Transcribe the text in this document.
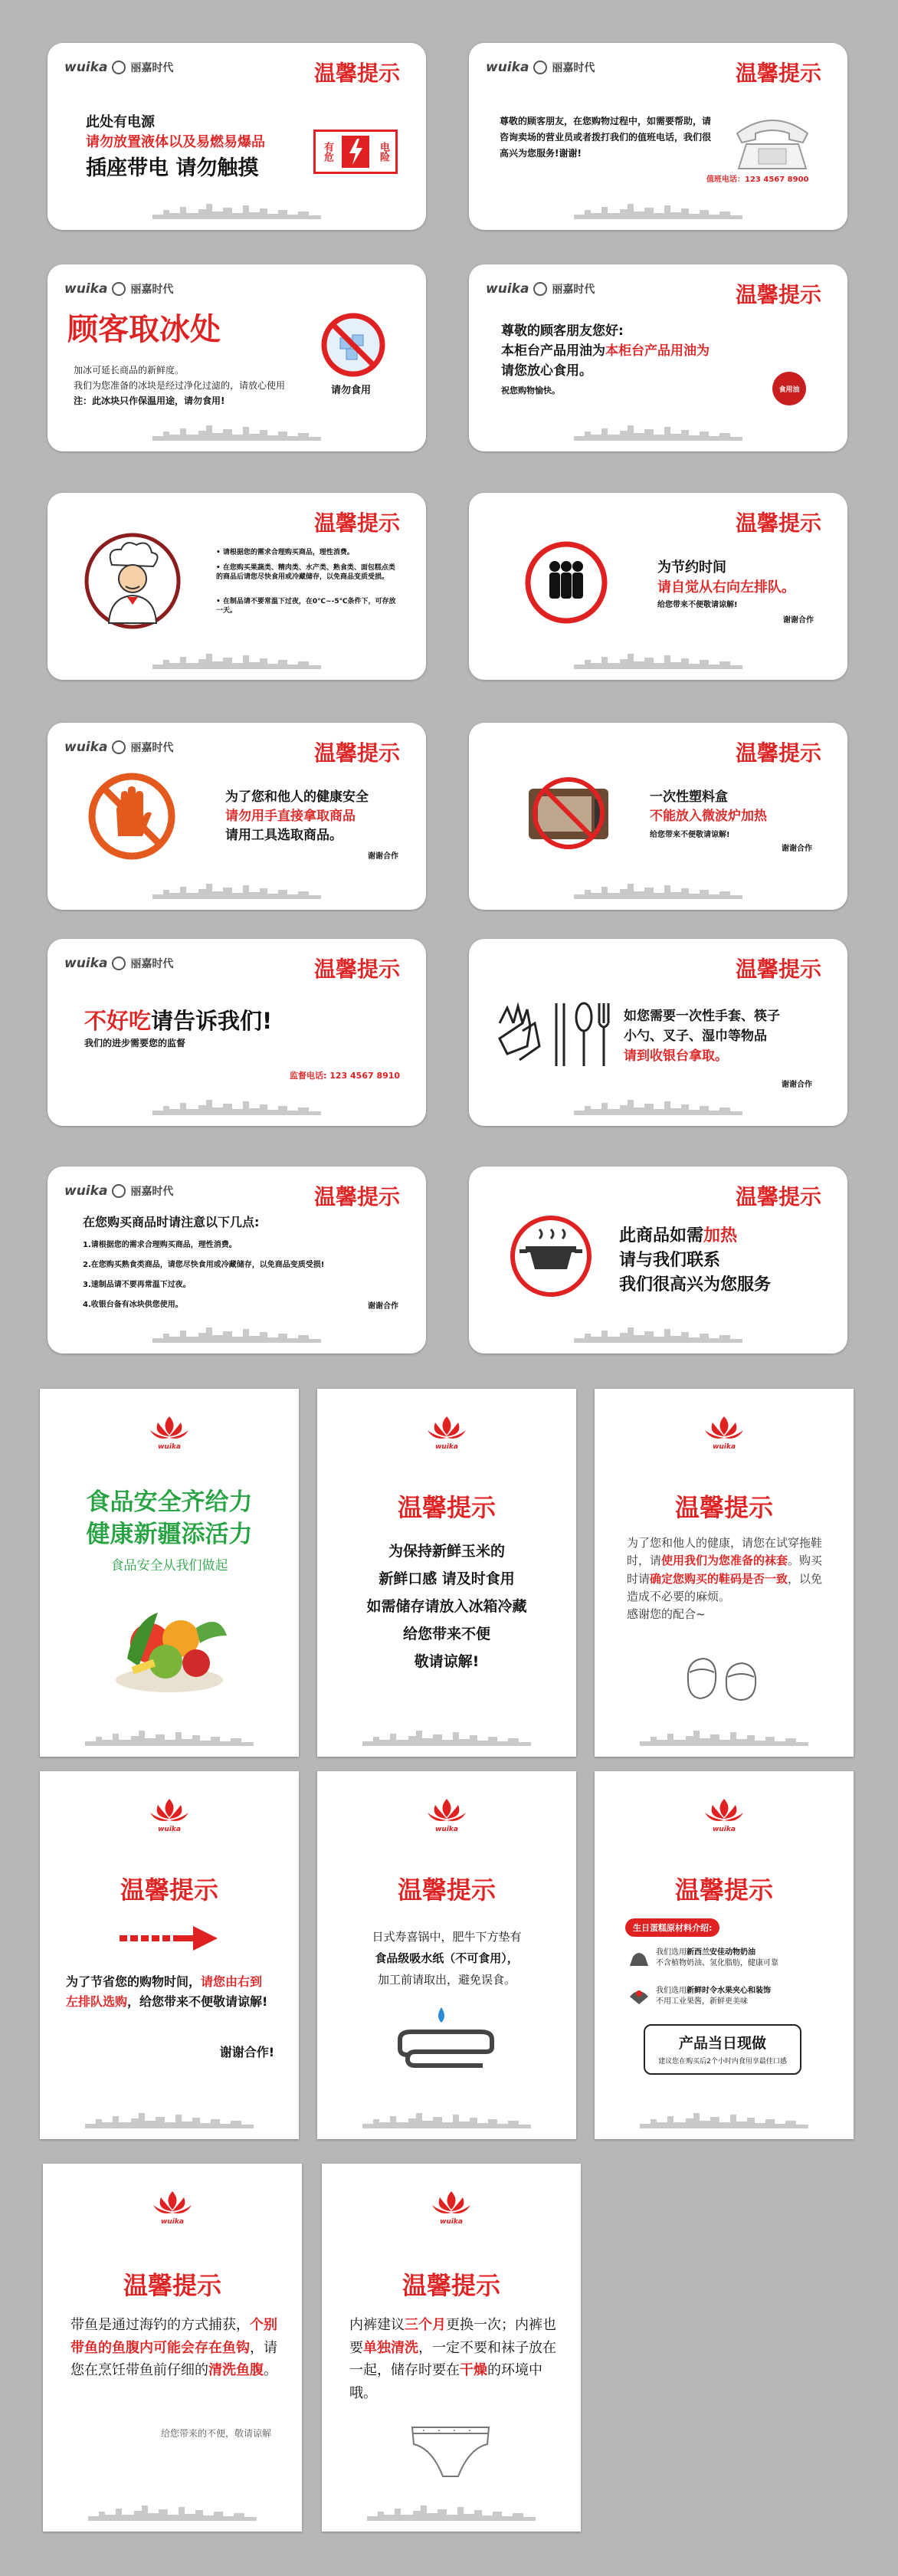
wuika 丽嘉时代	温馨提示
此处有电源
请勿放置液体以及易燃易爆品
插座带电 请勿触摸
有危	电险
wuika 丽嘉时代	温馨提示
尊敬的顾客朋友，在您购物过程中，如需要帮助，请咨询卖场的营业员或者拨打我们的值班电话，我们很高兴为您服务!谢谢!
值班电话：123 4567 8900
wuika 丽嘉时代
顾客取冰处
加冰可延长商品的新鲜度。
我们为您准备的冰块是经过净化过滤的，请放心使用
注：此冰块只作保温用途，请勿食用!
请勿食用
wuika 丽嘉时代	温馨提示
尊敬的顾客朋友您好:
本柜台产品用油为本柜台产品用油为
请您放心食用。
祝您购物愉快。	食用油
温馨提示
• 请根据您的需求合理购买商品，理性消费。
• 在您购买果蔬类、精肉类、水产类、熟食类、面包糕点类的商品后请您尽快食用或冷藏储存，以免商品变质受损。
• 在制品请不要常温下过夜，在0℃~-5℃条件下，可存放一天。
温馨提示
为节约时间
请自觉从右向左排队。
给您带来不便敬请谅解!
谢谢合作
wuika 丽嘉时代	温馨提示
为了您和他人的健康安全
请勿用手直接拿取商品
请用工具选取商品。
谢谢合作
温馨提示
一次性塑料盒
不能放入微波炉加热
给您带来不便敬请谅解!
谢谢合作
wuika 丽嘉时代	温馨提示
不好吃请告诉我们!
我们的进步需要您的监督
监督电话: 123 4567 8910
温馨提示
如您需要一次性手套、筷子
小勺、叉子、湿巾等物品
请到收银台拿取。
谢谢合作
wuika 丽嘉时代	温馨提示
在您购买商品时请注意以下几点:
1.请根据您的需求合理购买商品，理性消费。
2.在您购买熟食类商品，请您尽快食用或冷藏储存，以免商品变质受损!
3.速制品请不要再常温下过夜。
4.收银台备有冰块供您使用。	谢谢合作
温馨提示
此商品如需加热
请与我们联系
我们很高兴为您服务
wuika
食品安全齐给力
健康新疆添活力
食品安全从我们做起
wuika
温馨提示
为保持新鲜玉米的
新鲜口感 请及时食用
如需储存请放入冰箱冷藏
给您带来不便
敬请谅解!
wuika
温馨提示
为了您和他人的健康，请您在试穿拖鞋时，请使用我们为您准备的袜套。购买时请确定您购买的鞋码是否一致，以免造成不必要的麻烦。
感谢您的配合~
wuika
温馨提示
为了节省您的购物时间，请您由右到左排队选购，给您带来不便敬请谅解!
谢谢合作!
wuika
温馨提示
日式寿喜锅中，肥牛下方垫有
食品级吸水纸（不可食用），
加工前请取出，避免误食。
wuika
温馨提示
生日蛋糕原材料介绍:
我们选用新西兰安佳动物奶油
不含植物奶油、氢化脂肪，健康可靠
我们选用新鲜时令水果夹心和装饰
不用工业果酱，新鲜更美味
产品当日现做
建议您在购买后2个小时内食用享最佳口感
wuika
温馨提示
带鱼是通过海钓的方式捕获，个别带鱼的鱼腹内可能会存在鱼钩，请您在烹饪带鱼前仔细的清洗鱼腹。
给您带来的不便，敬请谅解
wuika
温馨提示
内裤建议三个月更换一次；内裤也要单独清洗，一定不要和袜子放在一起，储存时要在干燥的环境中哦。
